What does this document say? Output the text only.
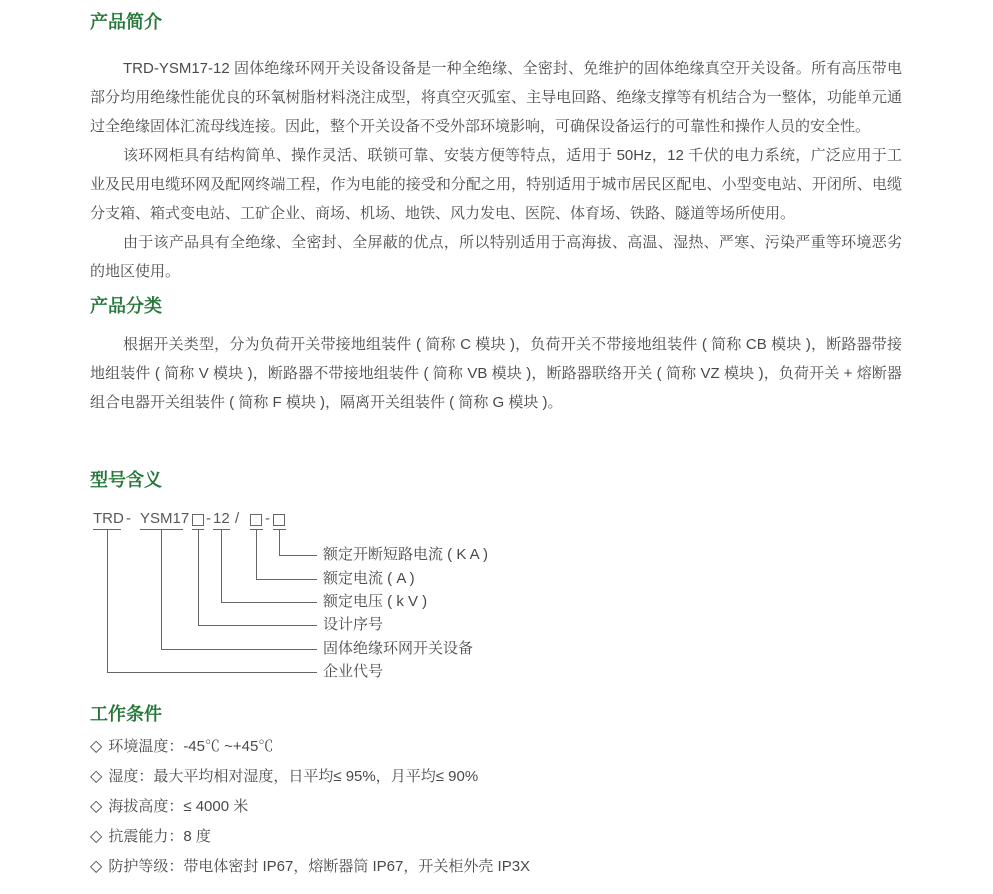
产品简介

TRD-YSM17-12 固体绝缘环网开关设备设备是一种全绝缘、全密封、免维护的固体绝缘真空开关设备。所有高压带电部分均用绝缘性能优良的环氧树脂材料浇注成型，将真空灭弧室、主导电回路、绝缘支撑等有机结合为一整体，功能单元通过全绝缘固体汇流母线连接。因此，整个开关设备不受外部环境影响，可确保设备运行的可靠性和操作人员的安全性。

该环网柜具有结构简单、操作灵活、联锁可靠、安装方便等特点，适用于 50Hz，12 千伏的电力系统，广泛应用于工业及民用电缆环网及配网终端工程，作为电能的接受和分配之用，特别适用于城市居民区配电、小型变电站、开闭所、电缆分支箱、箱式变电站、工矿企业、商场、机场、地铁、风力发电、医院、体育场、铁路、隧道等场所使用。

由于该产品具有全绝缘、全密封、全屏蔽的优点，所以特别适用于高海拔、高温、湿热、严寒、污染严重等环境恶劣的地区使用。

产品分类

根据开关类型，分为负荷开关带接地组装件 ( 简称 C 模块 )，负荷开关不带接地组装件 ( 简称 CB 模块 )，断路器带接地组装件 ( 简称 V 模块 )，断路器不带接地组装件 ( 简称 VB 模块 )，断路器联络开关 ( 简称 VZ 模块 )，负荷开关 + 熔断器组合电器开关组装件 ( 简称 F 模块 )，隔离开关组装件 ( 简称 G 模块 )。

型号含义
TRD - YSM17 - 12 / -
额定开断短路电流 ( K A )
额定电流 ( A )
额定电压 ( k V )
设计序号
固体绝缘环网开关设备
企业代号
工作条件
◇ 环境温度：-45℃ ~+45℃
◇ 湿度：最大平均相对湿度，日平均≤ 95%，月平均≤ 90%
◇ 海拔高度：≤ 4000 米
◇ 抗震能力：8 度
◇ 防护等级：带电体密封 IP67，熔断器筒 IP67，开关柜外壳 IP3X
